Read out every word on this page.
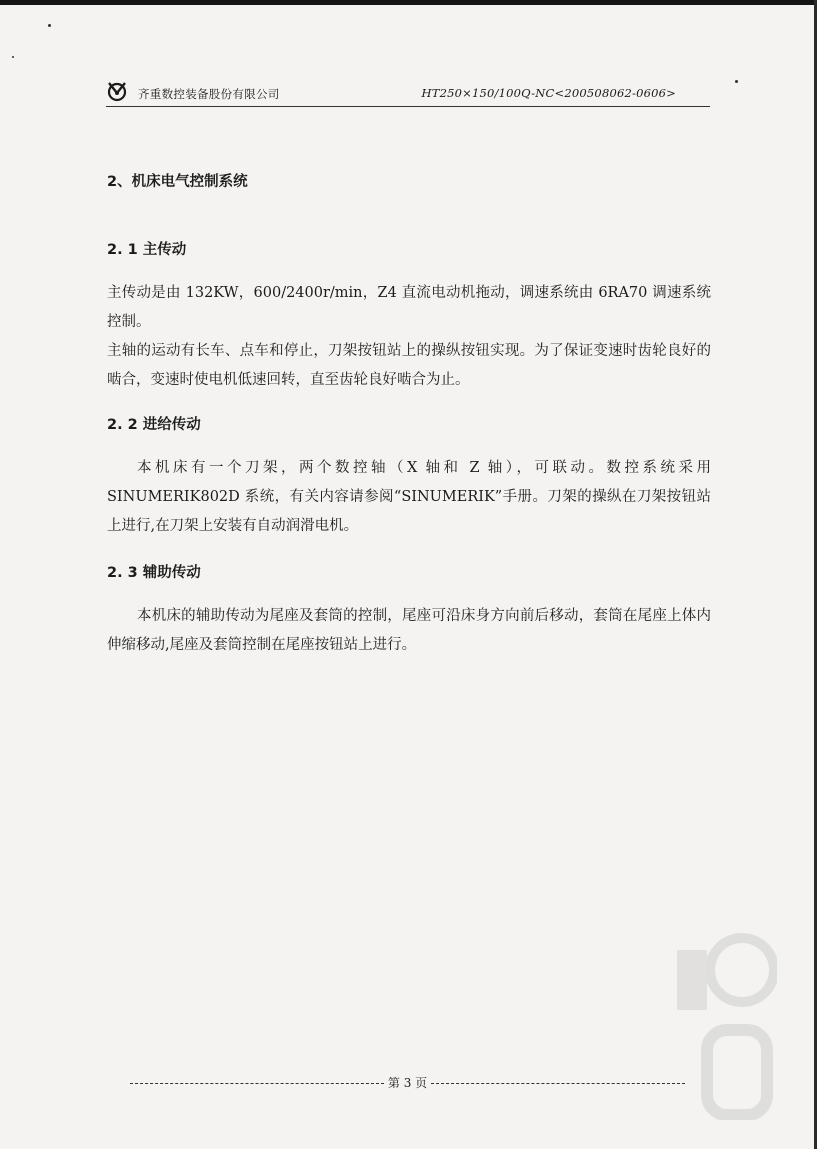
齐重数控装备股份有限公司	HT250×150/100Q-NC<200508062-0606>
2、机床电气控制系统
2. 1 主传动

主传动是由 132KW，600/2400r/min，Z4 直流电动机拖动，调速系统由 6RA70 调速系统控制。

主轴的运动有长车、点车和停止，刀架按钮站上的操纵按钮实现。为了保证变速时齿轮良好的啮合，变速时使电机低速回转，直至齿轮良好啮合为止。

2. 2 进给传动

本机床有一个刀架，两个数控轴（X 轴和 Z 轴），可联动。数控系统采用 SINUMERIK802D 系统，有关内容请参阅“SINUMERIK”手册。刀架的操纵在刀架按钮站上进行,在刀架上安装有自动润滑电机。

2. 3 辅助传动

本机床的辅助传动为尾座及套筒的控制，尾座可沿床身方向前后移动，套筒在尾座上体内伸缩移动,尾座及套筒控制在尾座按钮站上进行。

第 3 页
